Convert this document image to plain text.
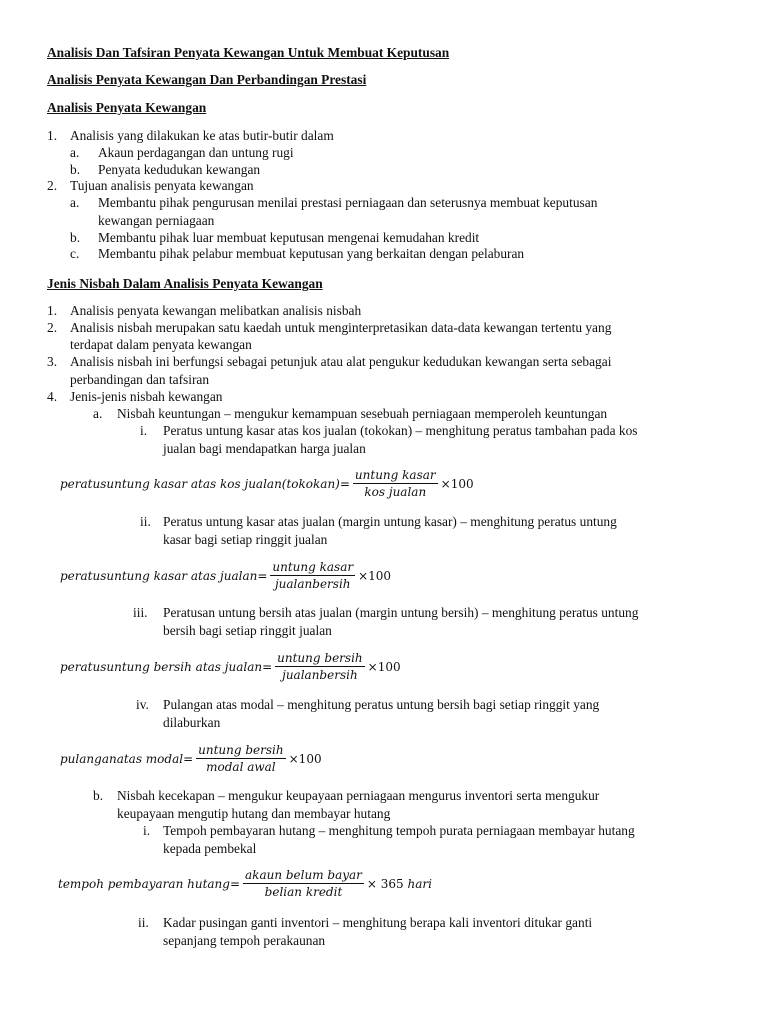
Analisis Dan Tafsiran Penyata Kewangan Untuk Membuat Keputusan
Analisis Penyata Kewangan Dan Perbandingan Prestasi
Analisis Penyata Kewangan
1. Analisis yang dilakukan ke atas butir-butir dalam
a. Akaun perdagangan dan untung rugi
b. Penyata kedudukan kewangan
2. Tujuan analisis penyata kewangan
a. Membantu pihak pengurusan menilai prestasi perniagaan dan seterusnya membuat keputusan
kewangan perniagaan
b. Membantu pihak luar membuat keputusan mengenai kemudahan kredit
c. Membantu pihak pelabur membuat keputusan yang berkaitan dengan pelaburan
Jenis Nisbah Dalam Analisis Penyata Kewangan
1. Analisis penyata kewangan melibatkan analisis nisbah
2. Analisis nisbah merupakan satu kaedah untuk menginterpretasikan data-data kewangan tertentu yang
terdapat dalam penyata kewangan
3. Analisis nisbah ini berfungsi sebagai petunjuk atau alat pengukur kedudukan kewangan serta sebagai
perbandingan dan tafsiran
4. Jenis-jenis nisbah kewangan
a. Nisbah keuntungan – mengukur kemampuan sesebuah perniagaan memperoleh keuntungan
i. Peratus untung kasar atas kos jualan (tokokan) – menghitung peratus tambahan pada kos
jualan bagi mendapatkan harga jualan
peratusuntung kasar atas kos jualan(tokokan)= $\frac{\text{untung kasar}}{\text{kos jualan}} \times 100$
ii. Peratus untung kasar atas jualan (margin untung kasar) – menghitung peratus untung
kasar bagi setiap ringgit jualan
peratusuntung kasar atas jualan= $\frac{\text{untung kasar}}{\text{jualanbersih}} \times 100$
iii. Peratusan untung bersih atas jualan (margin untung bersih) – menghitung peratus untung
bersih bagi setiap ringgit jualan
peratusuntung bersih atas jualan= $\frac{\text{untung bersih}}{\text{jualanbersih}} \times 100$
iv. Pulangan atas modal – menghitung peratus untung bersih bagi setiap ringgit yang
dilaburkan
pulanganatas modal= $\frac{\text{untung bersih}}{\text{modal awal}} \times 100$
b. Nisbah kecekapan – mengukur keupayaan perniagaan mengurus inventori serta mengukur
keupayaan mengutip hutang dan membayar hutang
i. Tempoh pembayaran hutang – menghitung tempoh purata perniagaan membayar hutang
kepada pembekal
tempoh pembayaran $hutang= \frac{\text{akaun belum bayar}}{\text{belian kredit}} \times 365$ hari
ii. Kadar pusingan ganti inventori – menghitung berapa kali inventori ditukar ganti
sepanjang tempoh perakaunan
